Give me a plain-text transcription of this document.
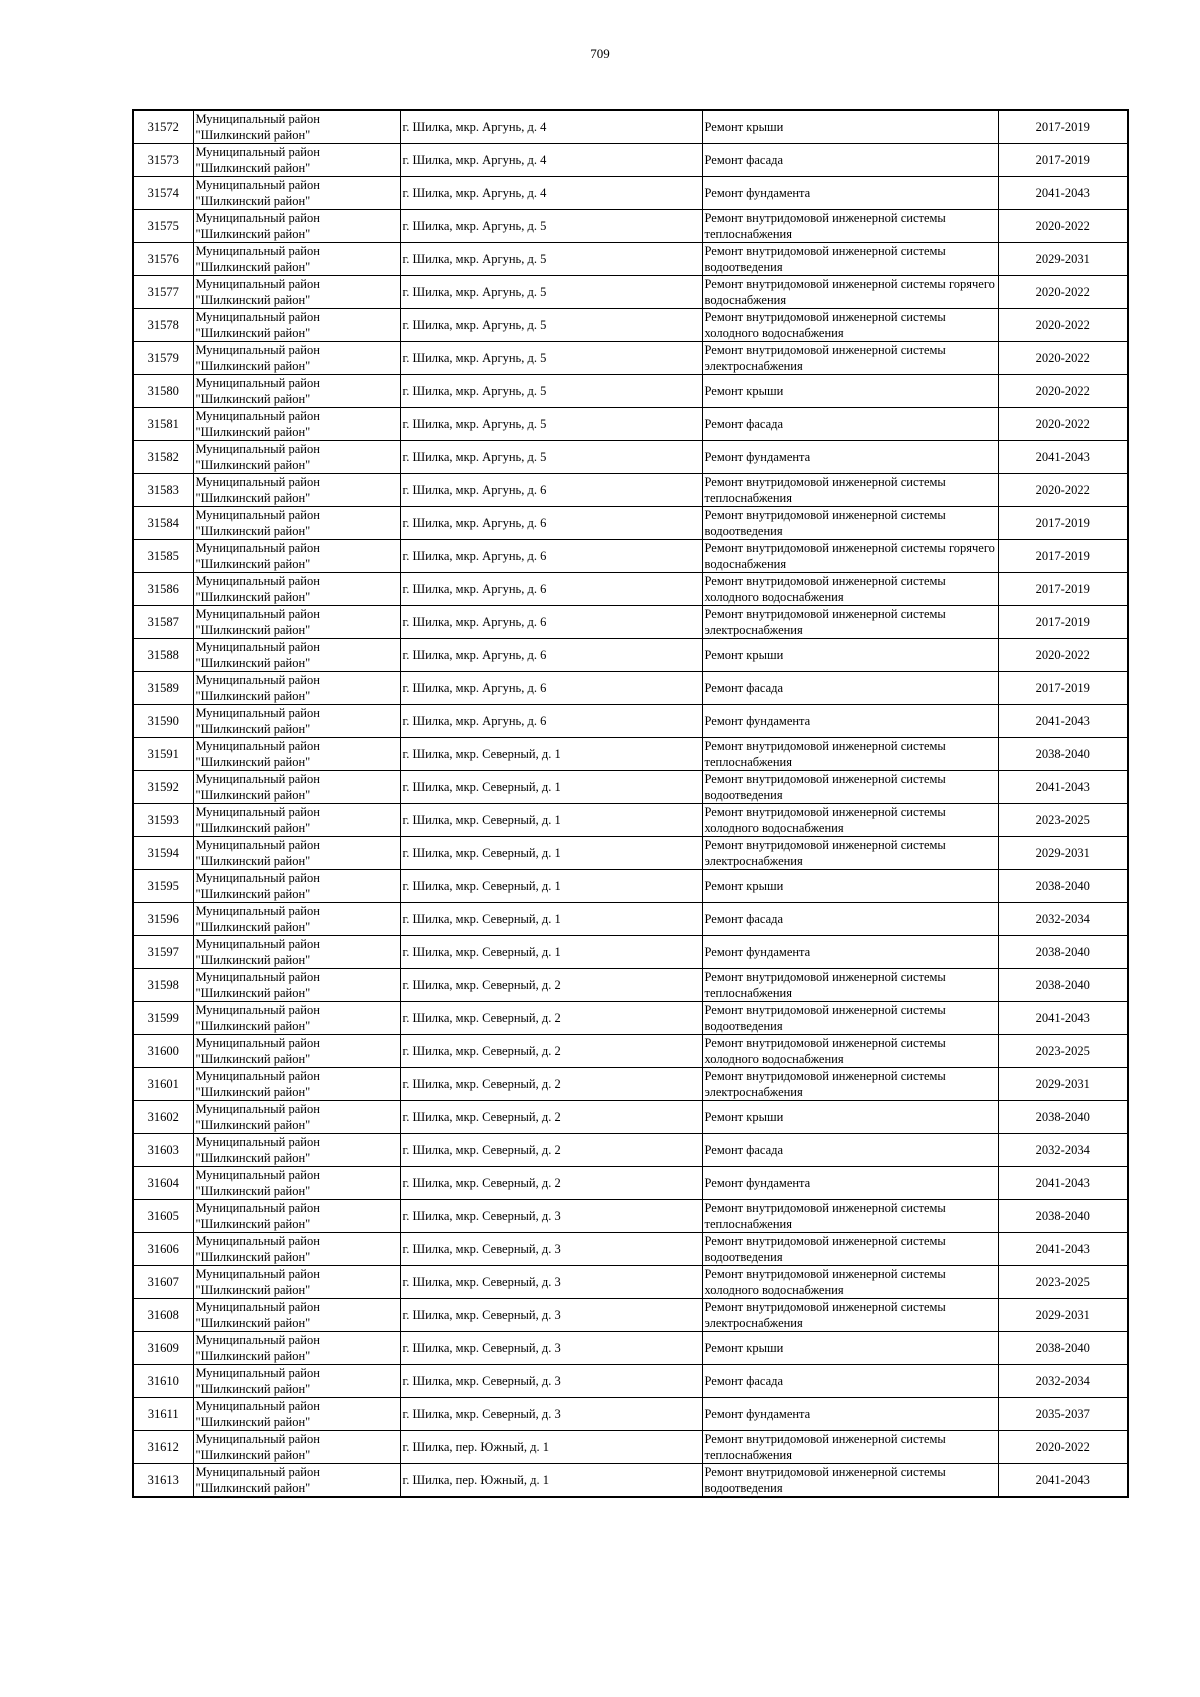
709
31572	Муниципальный район
"Шилкинский район"	г. Шилка, мкр. Аргунь, д. 4	Ремонт крыши	2017-2019
31573	Муниципальный район
"Шилкинский район"	г. Шилка, мкр. Аргунь, д. 4	Ремонт фасада	2017-2019
31574	Муниципальный район
"Шилкинский район"	г. Шилка, мкр. Аргунь, д. 4	Ремонт фундамента	2041-2043
31575	Муниципальный район
"Шилкинский район"	г. Шилка, мкр. Аргунь, д. 5	Ремонт внутридомовой инженерной системы теплоснабжения	2020-2022
31576	Муниципальный район
"Шилкинский район"	г. Шилка, мкр. Аргунь, д. 5	Ремонт внутридомовой инженерной системы водоотведения	2029-2031
31577	Муниципальный район
"Шилкинский район"	г. Шилка, мкр. Аргунь, д. 5	Ремонт внутридомовой инженерной системы горячего водоснабжения	2020-2022
31578	Муниципальный район
"Шилкинский район"	г. Шилка, мкр. Аргунь, д. 5	Ремонт внутридомовой инженерной системы холодного водоснабжения	2020-2022
31579	Муниципальный район
"Шилкинский район"	г. Шилка, мкр. Аргунь, д. 5	Ремонт внутридомовой инженерной системы электроснабжения	2020-2022
31580	Муниципальный район
"Шилкинский район"	г. Шилка, мкр. Аргунь, д. 5	Ремонт крыши	2020-2022
31581	Муниципальный район
"Шилкинский район"	г. Шилка, мкр. Аргунь, д. 5	Ремонт фасада	2020-2022
31582	Муниципальный район
"Шилкинский район"	г. Шилка, мкр. Аргунь, д. 5	Ремонт фундамента	2041-2043
31583	Муниципальный район
"Шилкинский район"	г. Шилка, мкр. Аргунь, д. 6	Ремонт внутридомовой инженерной системы теплоснабжения	2020-2022
31584	Муниципальный район
"Шилкинский район"	г. Шилка, мкр. Аргунь, д. 6	Ремонт внутридомовой инженерной системы водоотведения	2017-2019
31585	Муниципальный район
"Шилкинский район"	г. Шилка, мкр. Аргунь, д. 6	Ремонт внутридомовой инженерной системы горячего водоснабжения	2017-2019
31586	Муниципальный район
"Шилкинский район"	г. Шилка, мкр. Аргунь, д. 6	Ремонт внутридомовой инженерной системы холодного водоснабжения	2017-2019
31587	Муниципальный район
"Шилкинский район"	г. Шилка, мкр. Аргунь, д. 6	Ремонт внутридомовой инженерной системы электроснабжения	2017-2019
31588	Муниципальный район
"Шилкинский район"	г. Шилка, мкр. Аргунь, д. 6	Ремонт крыши	2020-2022
31589	Муниципальный район
"Шилкинский район"	г. Шилка, мкр. Аргунь, д. 6	Ремонт фасада	2017-2019
31590	Муниципальный район
"Шилкинский район"	г. Шилка, мкр. Аргунь, д. 6	Ремонт фундамента	2041-2043
31591	Муниципальный район
"Шилкинский район"	г. Шилка, мкр. Северный, д. 1	Ремонт внутридомовой инженерной системы теплоснабжения	2038-2040
31592	Муниципальный район
"Шилкинский район"	г. Шилка, мкр. Северный, д. 1	Ремонт внутридомовой инженерной системы водоотведения	2041-2043
31593	Муниципальный район
"Шилкинский район"	г. Шилка, мкр. Северный, д. 1	Ремонт внутридомовой инженерной системы холодного водоснабжения	2023-2025
31594	Муниципальный район
"Шилкинский район"	г. Шилка, мкр. Северный, д. 1	Ремонт внутридомовой инженерной системы электроснабжения	2029-2031
31595	Муниципальный район
"Шилкинский район"	г. Шилка, мкр. Северный, д. 1	Ремонт крыши	2038-2040
31596	Муниципальный район
"Шилкинский район"	г. Шилка, мкр. Северный, д. 1	Ремонт фасада	2032-2034
31597	Муниципальный район
"Шилкинский район"	г. Шилка, мкр. Северный, д. 1	Ремонт фундамента	2038-2040
31598	Муниципальный район
"Шилкинский район"	г. Шилка, мкр. Северный, д. 2	Ремонт внутридомовой инженерной системы теплоснабжения	2038-2040
31599	Муниципальный район
"Шилкинский район"	г. Шилка, мкр. Северный, д. 2	Ремонт внутридомовой инженерной системы водоотведения	2041-2043
31600	Муниципальный район
"Шилкинский район"	г. Шилка, мкр. Северный, д. 2	Ремонт внутридомовой инженерной системы холодного водоснабжения	2023-2025
31601	Муниципальный район
"Шилкинский район"	г. Шилка, мкр. Северный, д. 2	Ремонт внутридомовой инженерной системы электроснабжения	2029-2031
31602	Муниципальный район
"Шилкинский район"	г. Шилка, мкр. Северный, д. 2	Ремонт крыши	2038-2040
31603	Муниципальный район
"Шилкинский район"	г. Шилка, мкр. Северный, д. 2	Ремонт фасада	2032-2034
31604	Муниципальный район
"Шилкинский район"	г. Шилка, мкр. Северный, д. 2	Ремонт фундамента	2041-2043
31605	Муниципальный район
"Шилкинский район"	г. Шилка, мкр. Северный, д. 3	Ремонт внутридомовой инженерной системы теплоснабжения	2038-2040
31606	Муниципальный район
"Шилкинский район"	г. Шилка, мкр. Северный, д. 3	Ремонт внутридомовой инженерной системы водоотведения	2041-2043
31607	Муниципальный район
"Шилкинский район"	г. Шилка, мкр. Северный, д. 3	Ремонт внутридомовой инженерной системы холодного водоснабжения	2023-2025
31608	Муниципальный район
"Шилкинский район"	г. Шилка, мкр. Северный, д. 3	Ремонт внутридомовой инженерной системы электроснабжения	2029-2031
31609	Муниципальный район
"Шилкинский район"	г. Шилка, мкр. Северный, д. 3	Ремонт крыши	2038-2040
31610	Муниципальный район
"Шилкинский район"	г. Шилка, мкр. Северный, д. 3	Ремонт фасада	2032-2034
31611	Муниципальный район
"Шилкинский район"	г. Шилка, мкр. Северный, д. 3	Ремонт фундамента	2035-2037
31612	Муниципальный район
"Шилкинский район"	г. Шилка, пер. Южный, д. 1	Ремонт внутридомовой инженерной системы теплоснабжения	2020-2022
31613	Муниципальный район
"Шилкинский район"	г. Шилка, пер. Южный, д. 1	Ремонт внутридомовой инженерной системы водоотведения	2041-2043
